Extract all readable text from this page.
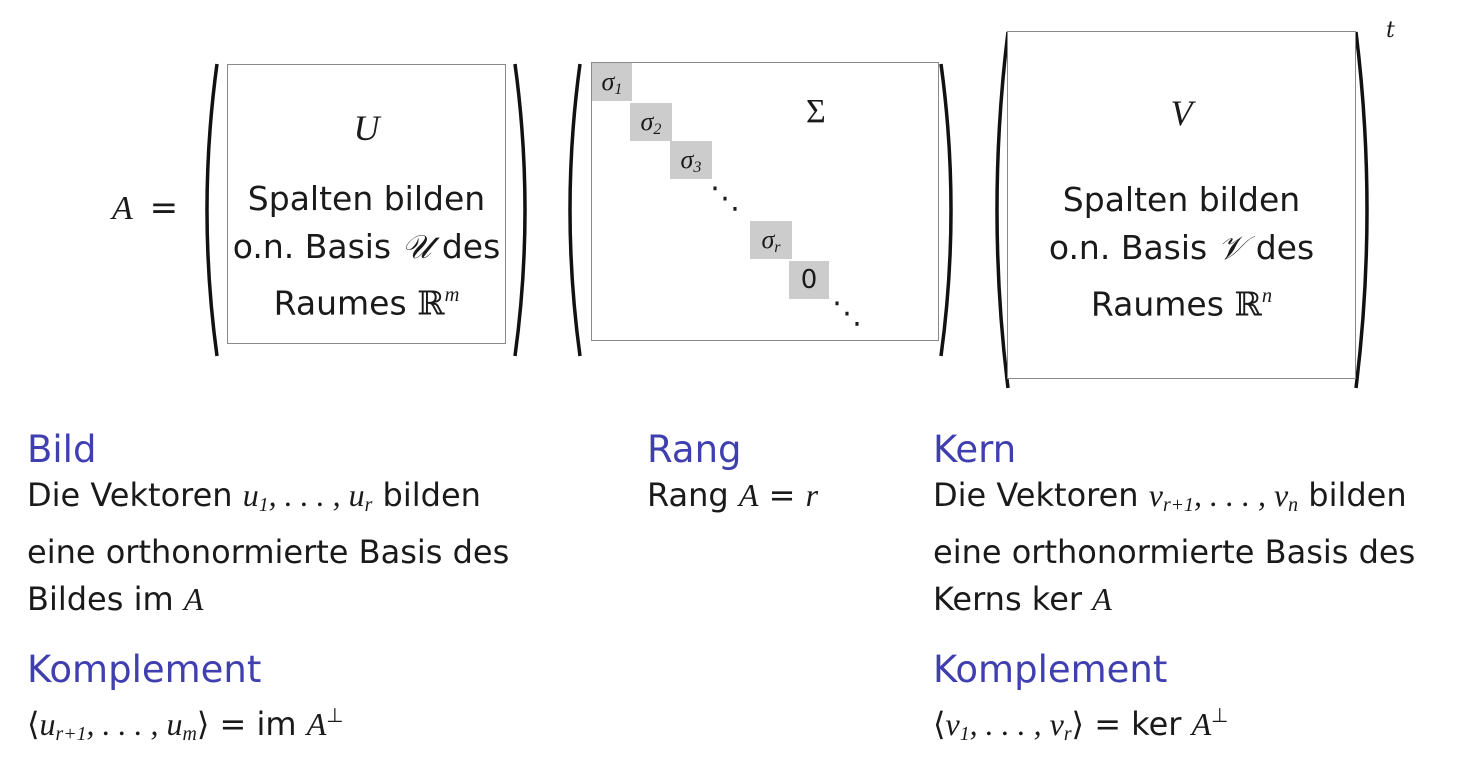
A =
t
U
Spalten bilden
o.n. Basis 𝒰 des
Raumes ℝ$^m$
$\sigma_1$
$\sigma_2$
$\sigma_3$
⋱
$\sigma_r$
0
Σ
⋱
V
Spalten bilden
o.n. Basis 𝒱 des
Raumes ℝ$^n$
Bild
Die Vektoren $u_1$, . . . , $u_r$ bilden
eine orthonormierte Basis des
Bildes im A
Rang
Rang A = r
Kern
Die Vektoren $v_{r+1}$, . . . , $v_n$ bilden
eine orthonormierte Basis des
Kerns ker A
Komplement
$⟨u_{r+1}$, . . . , $u_m⟩$ = im A⊥
Komplement
$⟨v_1$, . . . , $v_r⟩$ = ker A⊥
